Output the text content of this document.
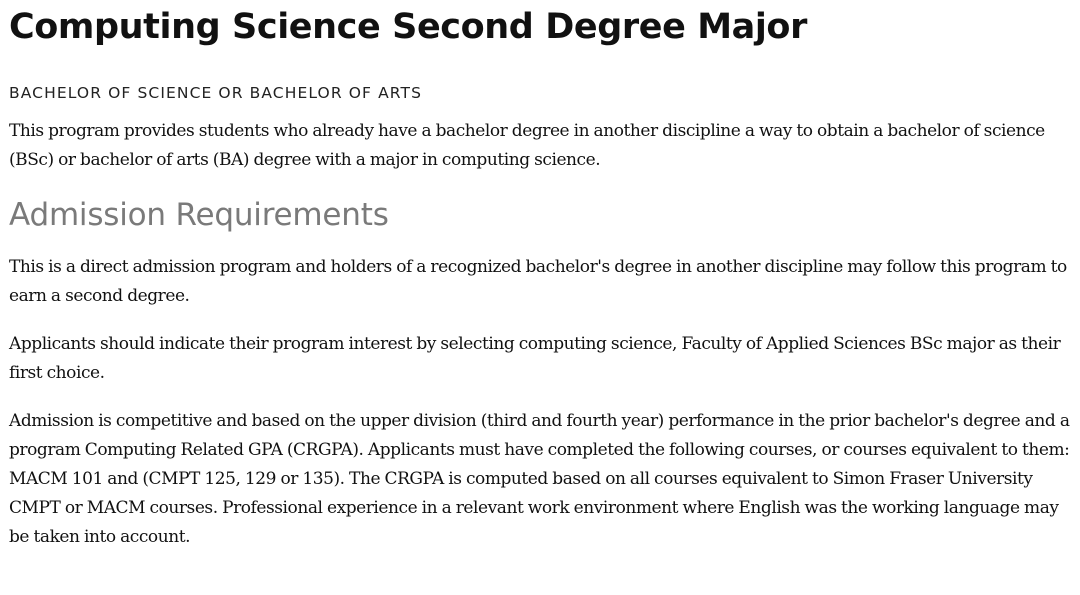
Computing Science Second Degree Major
BACHELOR OF SCIENCE OR BACHELOR OF ARTS

This program provides students who already have a bachelor degree in another discipline a way to obtain a bachelor of science (BSc) or bachelor of arts (BA) degree with a major in computing science.

Admission Requirements

This is a direct admission program and holders of a recognized bachelor's degree in another discipline may follow this program to earn a second degree.

Applicants should indicate their program interest by selecting computing science, Faculty of Applied Sciences BSc major as their first choice.

Admission is competitive and based on the upper division (third and fourth year) performance in the prior bachelor's degree and a program Computing Related GPA (CRGPA). Applicants must have completed the following courses, or courses equivalent to them: MACM 101 and (CMPT 125, 129 or 135). The CRGPA is computed based on all courses equivalent to Simon Fraser University CMPT or MACM courses. Professional experience in a relevant work environment where English was the working language may be taken into account.
